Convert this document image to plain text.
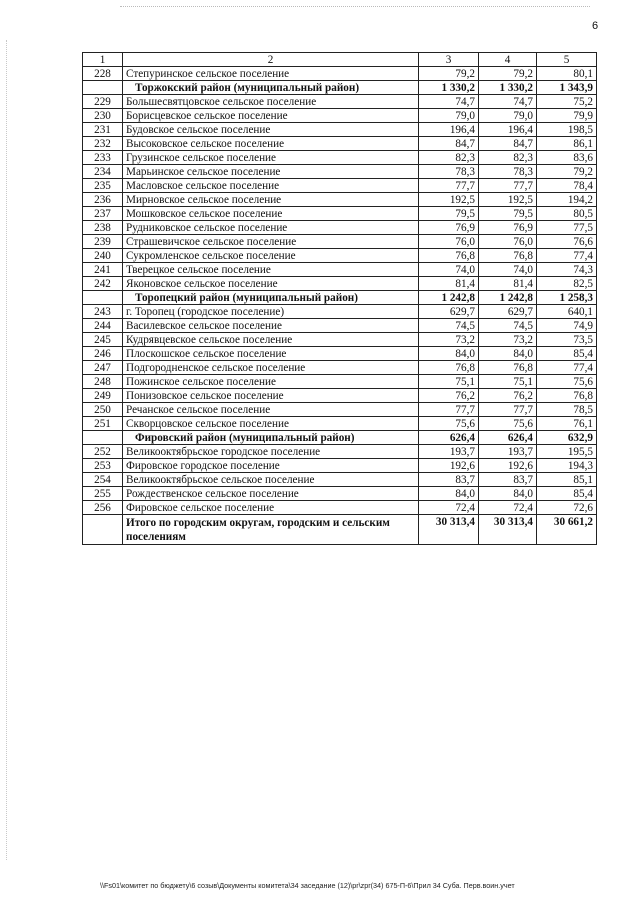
6
1	2	3	4	5
228	Степуринское сельское поселение	79,2	79,2	80,1
	Торжокский район (муниципальный район)	1 330,2	1 330,2	1 343,9
229	Большесвятцовское сельское поселение	74,7	74,7	75,2
230	Борисцевское сельское поселение	79,0	79,0	79,9
231	Будовское сельское поселение	196,4	196,4	198,5
232	Высоковское сельское поселение	84,7	84,7	86,1
233	Грузинское сельское поселение	82,3	82,3	83,6
234	Марьинское сельское поселение	78,3	78,3	79,2
235	Масловское сельское поселение	77,7	77,7	78,4
236	Мирновское сельское поселение	192,5	192,5	194,2
237	Мошковское сельское поселение	79,5	79,5	80,5
238	Рудниковское сельское поселение	76,9	76,9	77,5
239	Страшевичское сельское поселение	76,0	76,0	76,6
240	Сукромленское сельское поселение	76,8	76,8	77,4
241	Тверецкое сельское поселение	74,0	74,0	74,3
242	Яконовское сельское поселение	81,4	81,4	82,5
	Торопецкий район (муниципальный район)	1 242,8	1 242,8	1 258,3
243	г. Торопец (городское поселение)	629,7	629,7	640,1
244	Василевское сельское поселение	74,5	74,5	74,9
245	Кудрявцевское сельское поселение	73,2	73,2	73,5
246	Плоскошское сельское поселение	84,0	84,0	85,4
247	Подгородненское сельское поселение	76,8	76,8	77,4
248	Пожинское сельское поселение	75,1	75,1	75,6
249	Понизовское сельское поселение	76,2	76,2	76,8
250	Речанское сельское поселение	77,7	77,7	78,5
251	Скворцовское сельское поселение	75,6	75,6	76,1
	Фировский район (муниципальный район)	626,4	626,4	632,9
252	Великооктябрьское городское поселение	193,7	193,7	195,5
253	Фировское городское поселение	192,6	192,6	194,3
254	Великооктябрьское сельское поселение	83,7	83,7	85,1
255	Рождественское сельское поселение	84,0	84,0	85,4
256	Фировское сельское поселение	72,4	72,4	72,6
	Итого по городским округам, городским и сельским поселениям	30 313,4	30 313,4	30 661,2
\\Fs01\комитет по бюджету\6 созыв\Документы комитета\34 заседание (12)\pr\zpr(34) 675-П-6\Прил 34 Суба. Перв.воин.учет
